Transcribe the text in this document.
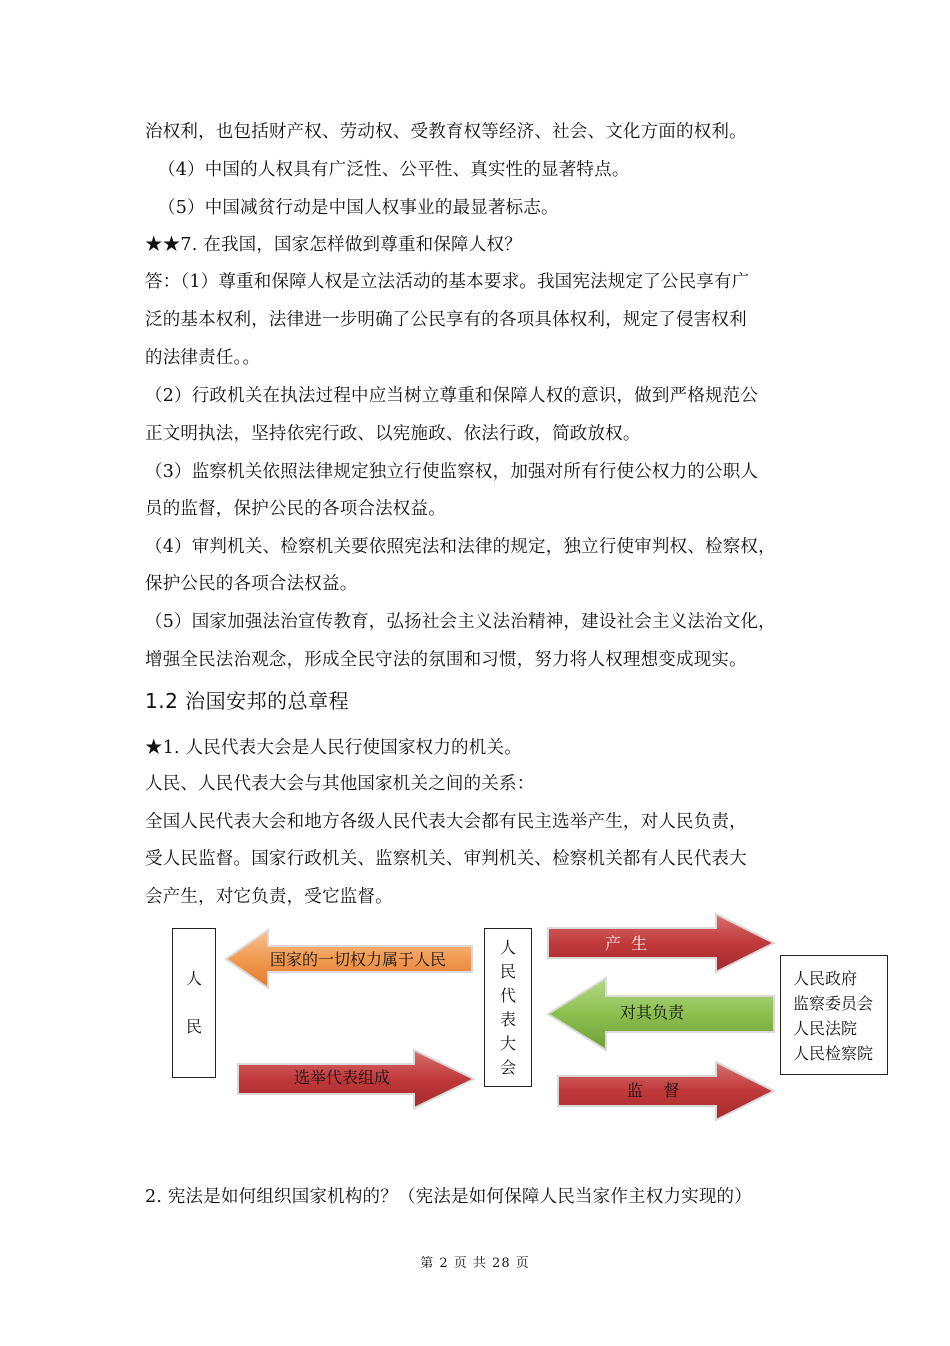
治权利，也包括财产权、劳动权、受教育权等经济、社会、文化方面的权利。
（4）中国的人权具有广泛性、公平性、真实性的显著特点。
（5）中国减贫行动是中国人权事业的最显著标志。
★★7. 在我国，国家怎样做到尊重和保障人权？
答：（1）尊重和保障人权是立法活动的基本要求。我国宪法规定了公民享有广
泛的基本权利，法律进一步明确了公民享有的各项具体权利，规定了侵害权利
的法律责任。。
（2）行政机关在执法过程中应当树立尊重和保障人权的意识，做到严格规范公
正文明执法，坚持依宪行政、以宪施政、依法行政，简政放权。
（3）监察机关依照法律规定独立行使监察权，加强对所有行使公权力的公职人
员的监督，保护公民的各项合法权益。
（4）审判机关、检察机关要依照宪法和法律的规定，独立行使审判权、检察权，
保护公民的各项合法权益。
（5）国家加强法治宣传教育，弘扬社会主义法治精神，建设社会主义法治文化，
增强全民法治观念，形成全民守法的氛围和习惯，努力将人权理想变成现实。
1.2 治国安邦的总章程
★1. 人民代表大会是人民行使国家权力的机关。
人民、人民代表大会与其他国家机关之间的关系：
全国人民代表大会和地方各级人民代表大会都有民主选举产生，对人民负责，
受人民监督。国家行政机关、监察机关、审判机关、检察机关都有人民代表大
会产生，对它负责，受它监督。
人
民
人
民
代
表
大
会
人民政府
监察委员会
人民法院
人民检察院
国家的一切权力属于人民
选举代表组成
产  生
对其负责
监    督
2. 宪法是如何组织国家机构的？（宪法是如何保障人民当家作主权力实现的）
第 2 页 共 28 页
